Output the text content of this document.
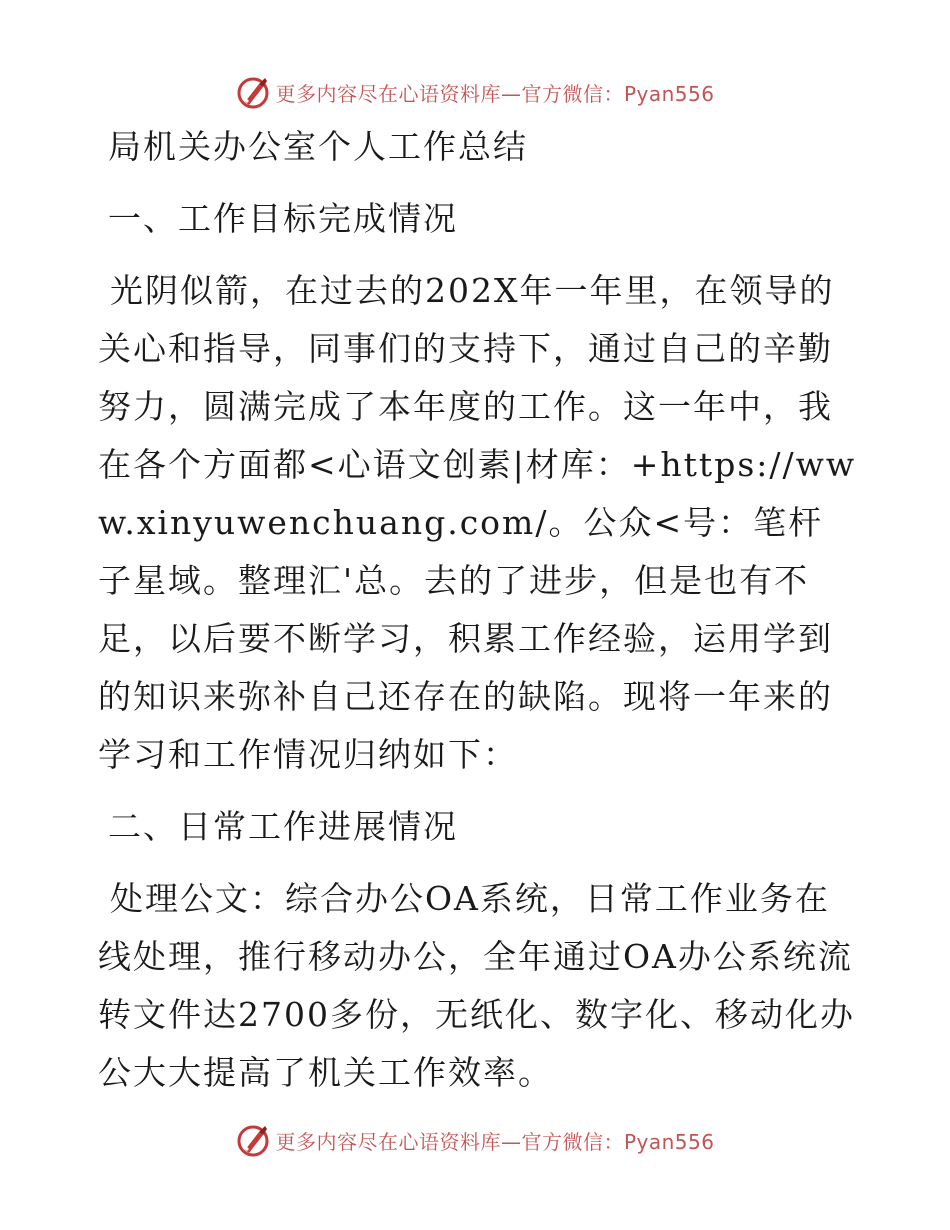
更多内容尽在心语资料库—官方微信：Pyan556

局机关办公室个人工作总结

一、工作目标完成情况

光阴似箭，在过去的202X年一年里，在领导的关心和指导，同事们的支持下，通过自己的辛勤努力，圆满完成了本年度的工作。这一年中，我在各个方面都<心语文创素|材库：+https://www.xinyuwenchuang.com/。公众<号：笔杆子星域。整理汇'总。去的了进步，但是也有不足，以后要不断学习，积累工作经验，运用学到的知识来弥补自己还存在的缺陷。现将一年来的学习和工作情况归纳如下：

二、日常工作进展情况

处理公文：综合办公OA系统，日常工作业务在线处理，推行移动办公，全年通过OA办公系统流转文件达2700多份，无纸化、数字化、移动化办公大大提高了机关工作效率。

更多内容尽在心语资料库—官方微信：Pyan556
